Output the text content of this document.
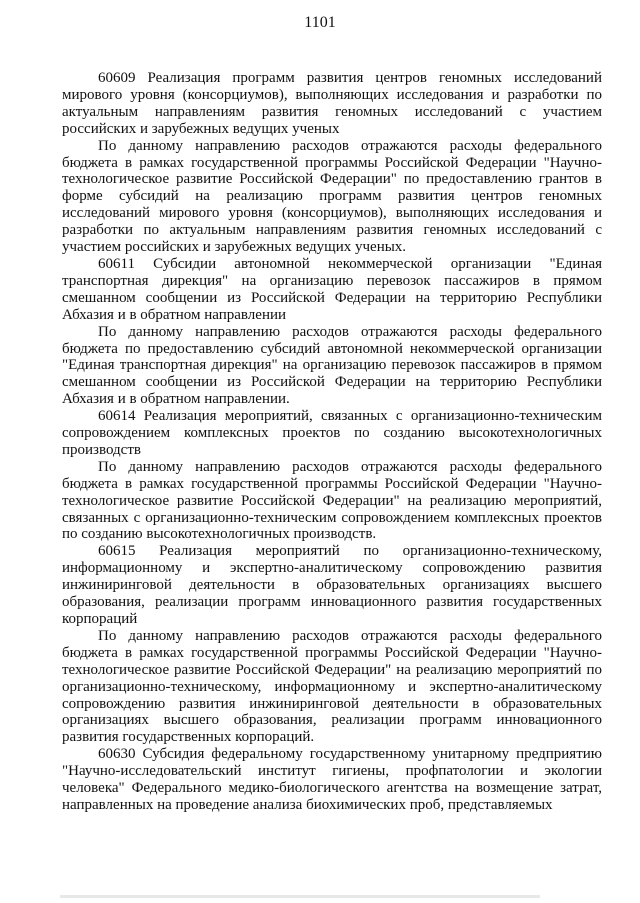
1101

60609 Реализация программ развития центров геномных исследований мирового уровня (консорциумов), выполняющих исследования и разработки по актуальным направлениям развития геномных исследований с участием российских и зарубежных ведущих ученых

По данному направлению расходов отражаются расходы федерального бюджета в рамках государственной программы Российской Федерации "Научно-технологическое развитие Российской Федерации" по предоставлению грантов в форме субсидий на реализацию программ развития центров геномных исследований мирового уровня (консорциумов), выполняющих исследования и разработки по актуальным направлениям развития геномных исследований с участием российских и зарубежных ведущих ученых.

60611 Субсидии автономной некоммерческой организации "Единая транспортная дирекция" на организацию перевозок пассажиров в прямом смешанном сообщении из Российской Федерации на территорию Республики Абхазия и в обратном направлении

По данному направлению расходов отражаются расходы федерального бюджета по предоставлению субсидий автономной некоммерческой организации "Единая транспортная дирекция" на организацию перевозок пассажиров в прямом смешанном сообщении из Российской Федерации на территорию Республики Абхазия и в обратном направлении.

60614 Реализация мероприятий, связанных с организационно-техническим сопровождением комплексных проектов по созданию высокотехнологичных производств

По данному направлению расходов отражаются расходы федерального бюджета в рамках государственной программы Российской Федерации "Научно-технологическое развитие Российской Федерации" на реализацию мероприятий, связанных с организационно-техническим сопровождением комплексных проектов по созданию высокотехнологичных производств.

60615 Реализация мероприятий по организационно-техническому, информационному и экспертно-аналитическому сопровождению развития инжиниринговой деятельности в образовательных организациях высшего образования, реализации программ инновационного развития государственных корпораций

По данному направлению расходов отражаются расходы федерального бюджета в рамках государственной программы Российской Федерации "Научно-технологическое развитие Российской Федерации" на реализацию мероприятий по организационно-техническому, информационному и экспертно-аналитическому сопровождению развития инжиниринговой деятельности в образовательных организациях высшего образования, реализации программ инновационного развития государственных корпораций.

60630 Субсидия федеральному государственному унитарному предприятию "Научно-исследовательский институт гигиены, профпатологии и экологии человека" Федерального медико-биологического агентства на возмещение затрат, направленных на проведение анализа биохимических проб, представляемых
